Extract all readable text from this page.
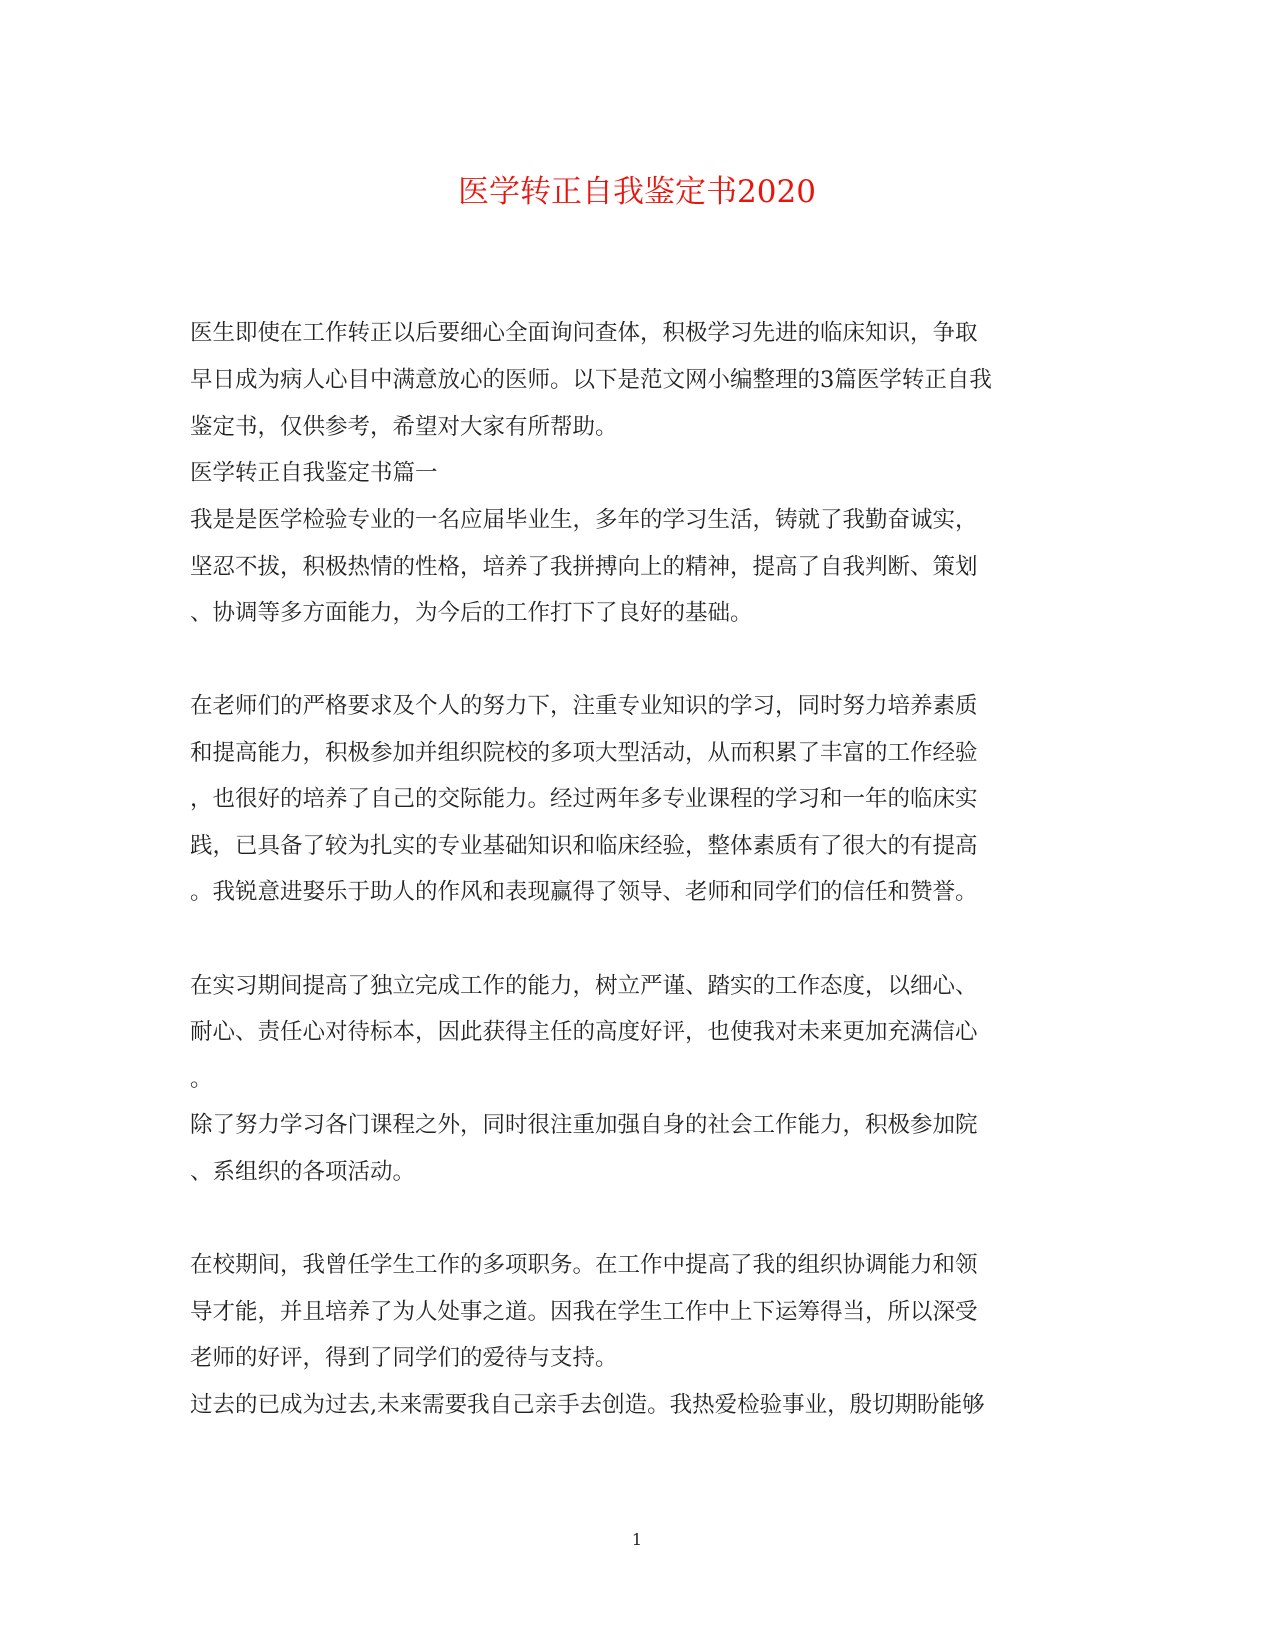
医学转正自我鉴定书2020
医生即使在工作转正以后要细心全面询问查体，积极学习先进的临床知识，争取
早日成为病人心目中满意放心的医师。以下是范文网小编整理的3篇医学转正自我
鉴定书，仅供参考，希望对大家有所帮助。
医学转正自我鉴定书篇一
我是是医学检验专业的一名应届毕业生，多年的学习生活，铸就了我勤奋诚实，
坚忍不拔，积极热情的性格，培养了我拼搏向上的精神，提高了自我判断、策划
、协调等多方面能力，为今后的工作打下了良好的基础。
在老师们的严格要求及个人的努力下，注重专业知识的学习，同时努力培养素质
和提高能力，积极参加并组织院校的多项大型活动，从而积累了丰富的工作经验
，也很好的培养了自己的交际能力。经过两年多专业课程的学习和一年的临床实
践，已具备了较为扎实的专业基础知识和临床经验，整体素质有了很大的有提高
。我锐意进娶乐于助人的作风和表现赢得了领导、老师和同学们的信任和赞誉。
在实习期间提高了独立完成工作的能力，树立严谨、踏实的工作态度，以细心、
耐心、责任心对待标本，因此获得主任的高度好评，也使我对未来更加充满信心
。
除了努力学习各门课程之外，同时很注重加强自身的社会工作能力，积极参加院
、系组织的各项活动。
在校期间，我曾任学生工作的多项职务。在工作中提高了我的组织协调能力和领
导才能，并且培养了为人处事之道。因我在学生工作中上下运筹得当，所以深受
老师的好评，得到了同学们的爱待与支持。
过去的已成为过去,未来需要我自己亲手去创造。我热爱检验事业，殷切期盼能够
1
